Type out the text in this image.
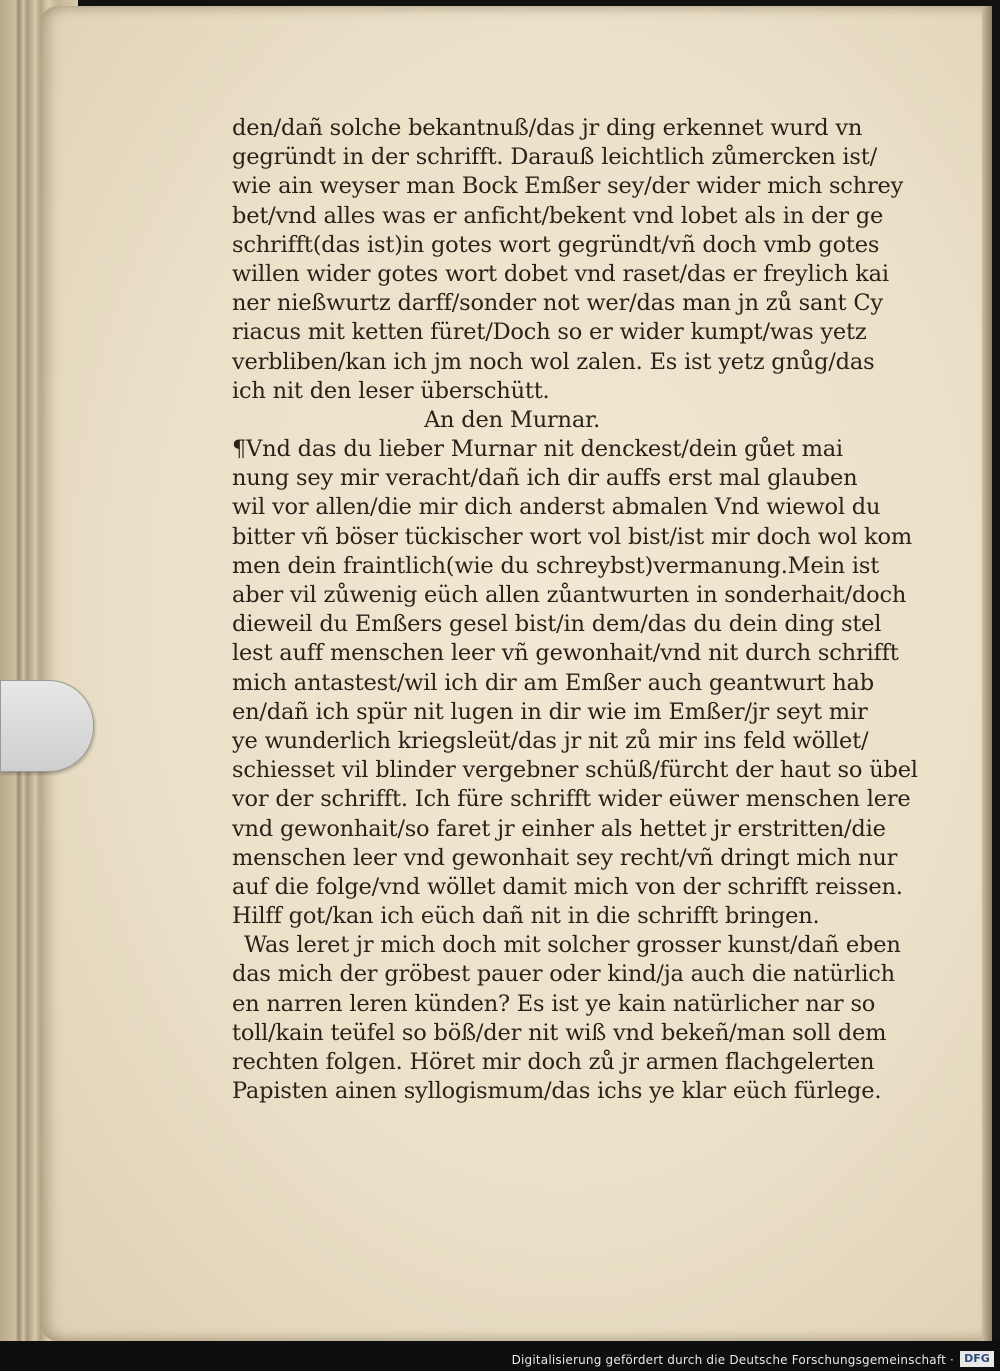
den/dañ solche bekantnuß/das jr ding erkennet wurd vn
gegründt in der schrifft. Darauß leichtlich zůmercken ist/
wie ain weyser man Bock Emßer sey/der wider mich schrey
bet/vnd alles was er anficht/bekent vnd lobet als in der ge
schrifft(das ist)in gotes wort gegründt/vñ doch vmb gotes
willen wider gotes wort dobet vnd raset/das er freylich kai
ner nießwurtz darff/sonder not wer/das man jn zů sant Cy
riacus mit ketten füret/Doch so er wider kumpt/was yetz
verbliben/kan ich jm noch wol zalen. Es ist yetz gnůg/das
ich nit den leser überschütt.
An den Murnar.
¶Vnd das du lieber Murnar nit denckest/dein gůet mai
nung sey mir veracht/dañ ich dir auffs erst mal glauben
wil vor allen/die mir dich anderst abmalen Vnd wiewol du
bitter vñ böser tückischer wort vol bist/ist mir doch wol kom
men dein fraintlich(wie du schreybst)vermanung.Mein ist
aber vil zůwenig eüch allen zůantwurten in sonderhait/doch
dieweil du Emßers gesel bist/in dem/das du dein ding stel
lest auff menschen leer vñ gewonhait/vnd nit durch schrifft
mich antastest/wil ich dir am Emßer auch geantwurt hab
en/dañ ich spür nit lugen in dir wie im Emßer/jr seyt mir
ye wunderlich kriegsleüt/das jr nit zů mir ins feld wöllet/
schiesset vil blinder vergebner schüß/fürcht der haut so übel
vor der schrifft. Ich füre schrifft wider eüwer menschen lere
vnd gewonhait/so faret jr einher als hettet jr erstritten/die
menschen leer vnd gewonhait sey recht/vñ dringt mich nur
auf die folge/vnd wöllet damit mich von der schrifft reissen.
Hilff got/kan ich eüch dañ nit in die schrifft bringen.
Was leret jr mich doch mit solcher grosser kunst/dañ eben
das mich der gröbest pauer oder kind/ja auch die natürlich
en narren leren künden? Es ist ye kain natürlicher nar so
toll/kain teüfel so böß/der nit wiß vnd bekeñ/man soll dem
rechten folgen. Höret mir doch zů jr armen flachgelerten
Papisten ainen syllogismum/das ichs ye klar eüch fürlege.
Digitalisierung gefördert durch die Deutsche Forschungsgemeinschaft · DFG
